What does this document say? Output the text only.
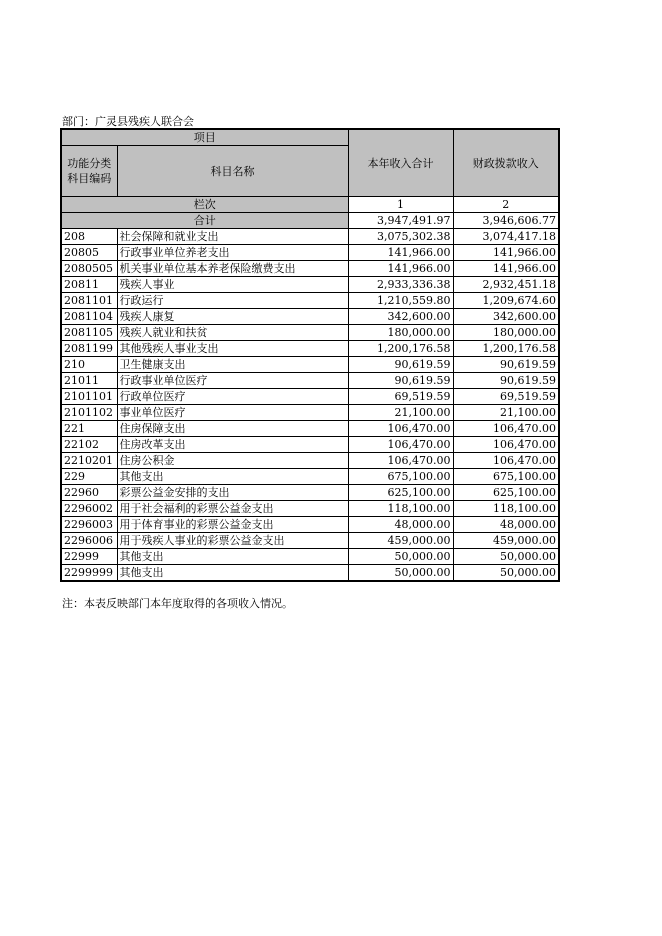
部门：广灵县残疾人联合会
项目		本年收入合计	财政拨款收入

功能分类
科目编码	科目名称		

栏次		1	2
合计		3,947,491.97	3,946,606.77
208	社会保障和就业支出	3,075,302.38	3,074,417.18
20805	行政事业单位养老支出	141,966.00	141,966.00
2080505	机关事业单位基本养老保险缴费支出	141,966.00	141,966.00
20811	残疾人事业	2,933,336.38	2,932,451.18
2081101	行政运行	1,210,559.80	1,209,674.60
2081104	残疾人康复	342,600.00	342,600.00
2081105	残疾人就业和扶贫	180,000.00	180,000.00
2081199	其他残疾人事业支出	1,200,176.58	1,200,176.58
210	卫生健康支出	90,619.59	90,619.59
21011	行政事业单位医疗	90,619.59	90,619.59
2101101	行政单位医疗	69,519.59	69,519.59
2101102	事业单位医疗	21,100.00	21,100.00
221	住房保障支出	106,470.00	106,470.00
22102	住房改革支出	106,470.00	106,470.00
2210201	住房公积金	106,470.00	106,470.00
229	其他支出	675,100.00	675,100.00
22960	彩票公益金安排的支出	625,100.00	625,100.00
2296002	用于社会福利的彩票公益金支出	118,100.00	118,100.00
2296003	用于体育事业的彩票公益金支出	48,000.00	48,000.00
2296006	用于残疾人事业的彩票公益金支出	459,000.00	459,000.00
22999	其他支出	50,000.00	50,000.00
2299999	其他支出	50,000.00	50,000.00
注：本表反映部门本年度取得的各项收入情况。
